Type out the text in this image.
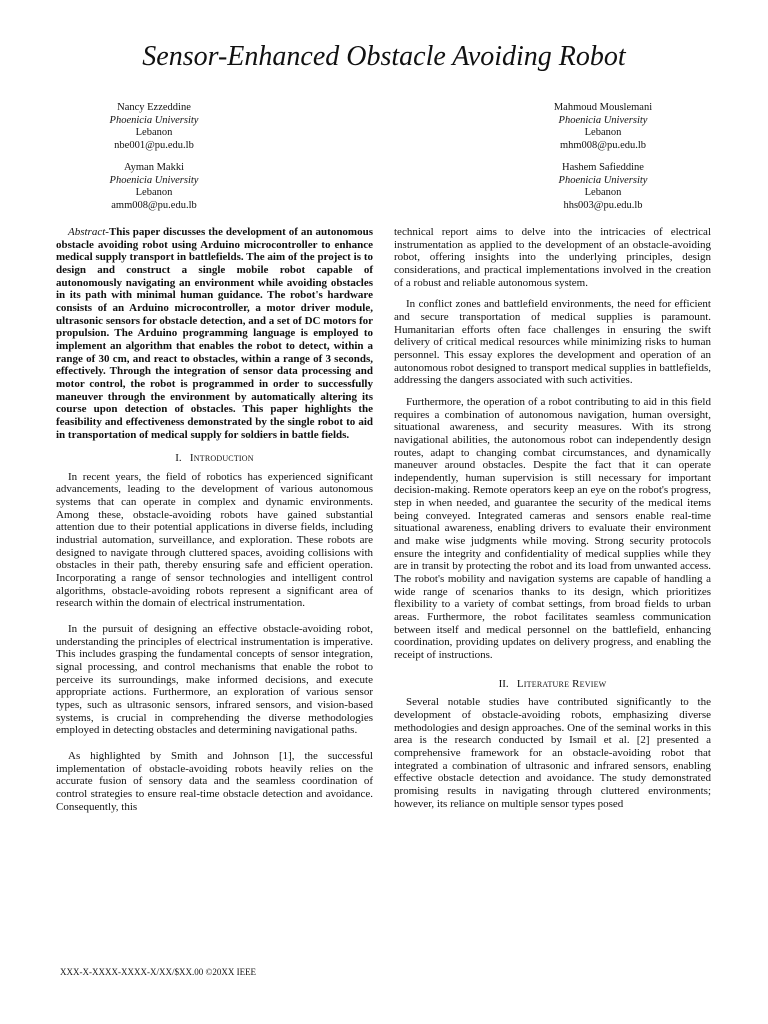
Sensor-Enhanced Obstacle Avoiding Robot
Nancy Ezzeddine
Phoenicia University
Lebanon
nbe001@pu.edu.lb
Mahmoud Mouslemani
Phoenicia University
Lebanon
mhm008@pu.edu.lb
Ayman Makki
Phoenicia University
Lebanon
amm008@pu.edu.lb
Hashem Safieddine
Phoenicia University
Lebanon
hhs003@pu.edu.lb

Abstract-This paper discusses the development of an autonomous obstacle avoiding robot using Arduino microcontroller to enhance medical supply transport in battlefields. The aim of the project is to design and construct a single mobile robot capable of autonomously navigating an environment while avoiding obstacles in its path with minimal human guidance. The robot's hardware consists of an Arduino microcontroller, a motor driver module, ultrasonic sensors for obstacle detection, and a set of DC motors for propulsion. The Arduino programming language is employed to implement an algorithm that enables the robot to detect, within a range of 30 cm, and react to obstacles, within a range of 3 seconds, effectively. Through the integration of sensor data processing and motor control, the robot is programmed in order to successfully maneuver through the environment by automatically altering its course upon detection of obstacles. This paper highlights the feasibility and effectiveness demonstrated by the single robot to aid in transportation of medical supply for soldiers in battle fields.

I. Introduction

In recent years, the field of robotics has experienced significant advancements, leading to the development of various autonomous systems that can operate in complex and dynamic environments. Among these, obstacle-avoiding robots have gained substantial attention due to their potential applications in diverse fields, including industrial automation, surveillance, and exploration. These robots are designed to navigate through cluttered spaces, avoiding collisions with obstacles in their path, thereby ensuring safe and efficient operation. Incorporating a range of sensor technologies and intelligent control algorithms, obstacle-avoiding robots represent a significant area of research within the domain of electrical instrumentation.

In the pursuit of designing an effective obstacle-avoiding robot, understanding the principles of electrical instrumentation is imperative. This includes grasping the fundamental concepts of sensor integration, signal processing, and control mechanisms that enable the robot to perceive its surroundings, make informed decisions, and execute appropriate actions. Furthermore, an exploration of various sensor types, such as ultrasonic sensors, infrared sensors, and vision-based systems, is crucial in comprehending the diverse methodologies employed in detecting obstacles and determining navigational paths.

As highlighted by Smith and Johnson [1], the successful implementation of obstacle-avoiding robots heavily relies on the accurate fusion of sensory data and the seamless coordination of control strategies to ensure real-time obstacle detection and avoidance. Consequently, this

technical report aims to delve into the intricacies of electrical instrumentation as applied to the development of an obstacle-avoiding robot, offering insights into the underlying principles, design considerations, and practical implementations involved in the creation of a robust and reliable autonomous system.

In conflict zones and battlefield environments, the need for efficient and secure transportation of medical supplies is paramount. Humanitarian efforts often face challenges in ensuring the swift delivery of critical medical resources while minimizing risks to human personnel. This essay explores the development and operation of an autonomous robot designed to transport medical supplies in battlefields, addressing the dangers associated with such activities.

Furthermore, the operation of a robot contributing to aid in this field requires a combination of autonomous navigation, human oversight, situational awareness, and security measures. With its strong navigational abilities, the autonomous robot can independently design routes, adapt to changing combat circumstances, and dynamically maneuver around obstacles. Despite the fact that it can operate independently, human supervision is still necessary for important decision-making. Remote operators keep an eye on the robot's progress, step in when needed, and guarantee the security of the medical items being conveyed. Integrated cameras and sensors enable real-time situational awareness, enabling drivers to evaluate their environment and make wise judgments while moving. Strong security protocols ensure the integrity and confidentiality of medical supplies while they are in transit by protecting the robot and its load from unwanted access. The robot's mobility and navigation systems are capable of handling a wide range of scenarios thanks to its design, which prioritizes flexibility to a variety of combat settings, from broad fields to urban areas. Furthermore, the robot facilitates seamless communication between itself and medical personnel on the battlefield, enhancing coordination, providing updates on delivery progress, and enabling the receipt of instructions.

II. Literature Review

Several notable studies have contributed significantly to the development of obstacle-avoiding robots, emphasizing diverse methodologies and design approaches. One of the seminal works in this area is the research conducted by Ismail et al. [2] presented a comprehensive framework for an obstacle-avoiding robot that integrated a combination of ultrasonic and infrared sensors, enabling effective obstacle detection and avoidance. The study demonstrated promising results in navigating through cluttered environments; however, its reliance on multiple sensor types posed

XXX-X-XXXX-XXXX-X/XX/$XX.00 ©20XX IEEE
